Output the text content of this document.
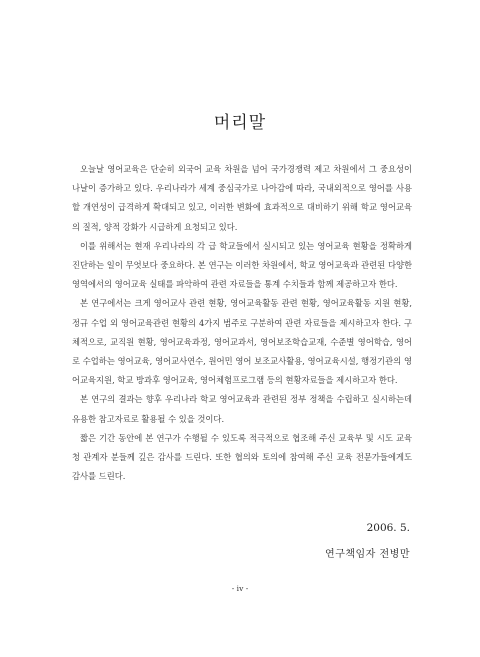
머리말

오늘날 영어교육은 단순히 외국어 교육 차원을 넘어 국가경쟁력 제고 차원에서 그 중요성이 나날이 증가하고 있다. 우리나라가 세계 중심국가로 나아감에 따라, 국내외적으로 영어를 사용할 개연성이 급격하게 확대되고 있고, 이러한 변화에 효과적으로 대비하기 위해 학교 영어교육의 질적, 양적 강화가 시급하게 요청되고 있다.

이를 위해서는 현재 우리나라의 각 급 학교들에서 실시되고 있는 영어교육 현황을 정확하게 진단하는 일이 무엇보다 중요하다. 본 연구는 이러한 차원에서, 학교 영어교육과 관련된 다양한 영역에서의 영어교육 실태를 파악하여 관련 자료들을 통계 수치들과 함께 제공하고자 한다.

본 연구에서는 크게 영어교사 관련 현황, 영어교육활동 관련 현황, 영어교육활동 지원 현황, 정규 수업 외 영어교육관련 현황의 4가지 범주로 구분하여 관련 자료들을 제시하고자 한다. 구체적으로, 교직원 현황, 영어교육과정, 영어교과서, 영어보조학습교재, 수준별 영어학습, 영어로 수업하는 영어교육, 영어교사연수, 원어민 영어 보조교사활용, 영어교육시설, 행정기관의 영어교육지원, 학교 방과후 영어교육, 영어체험프로그램 등의 현황자료들을 제시하고자 한다.

본 연구의 결과는 향후 우리나라 학교 영어교육과 관련된 정부 정책을 수립하고 실시하는데 유용한 참고자료로 활용될 수 있을 것이다.

짧은 기간 동안에 본 연구가 수행될 수 있도록 적극적으로 협조해 주신 교육부 및 시도 교육청 관계자 분들께 깊은 감사를 드린다. 또한 협의와 토의에 참여해 주신 교육 전문가들에게도 감사를 드린다.

2006. 5.
연구책임자 전병만
- iv -
